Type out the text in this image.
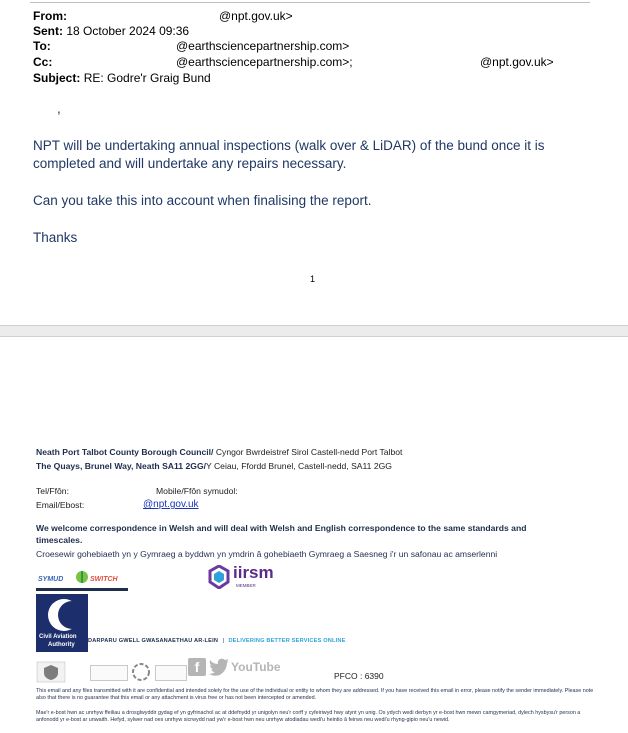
From:	@npt.gov.uk>
Sent: 18 October 2024 09:36
To:	@earthsciencepartnership.com>
Cc:	@earthsciencepartnership.com>;	@npt.gov.uk>
Subject: RE: Godre'r Graig Bund
,
NPT will be undertaking annual inspections (walk over & LiDAR) of the bund once it is
completed and will undertake any repairs necessary.
Can you take this into account when finalising the report.
Thanks
1
Neath Port Talbot County Borough Council/ Cyngor Bwrdeistref Sirol Castell-nedd Port Talbot
The Quays, Brunel Way, Neath SA11 2GG/Y Ceiau, Ffordd Brunel, Castell-nedd, SA11 2GG
Tel/Ffôn:	Mobile/Ffôn symudol:
Email/Ebost:	@npt.gov.uk
We welcome correspondence in Welsh and will deal with Welsh and English correspondence to the same standards and
timescales.
Croesewir gohebiaeth yn y Gymraeg a byddwn yn ymdrin â gohebiaeth Gymraeg a Saesneg i'r un safonau ac amserlenni
SYMUD	SWITCH	iirsm
MEMBER
Civil Aviation
Authority
DARPARU GWELL GWASANAETHAU AR-LEIN | DELIVERING BETTER SERVICES ONLINE
f	YouTube
PFCO : 6390
This email and any files transmitted with it are confidential and intended solely for the use of the individual or entity to whom they are addressed. If you have received this email in error, please notify the sender immediately. Please note also that there is no guarantee that this email or any attachment is virus free or has not been intercepted or amended.
Mae'r e-bost hwn ac unrhyw ffeiliau a drosglwyddir gydag ef yn gyfrinachol ac at ddefnydd yr unigolyn neu'r corff y cyfeiriwyd hwy atynt yn unig. Os ydych wedi derbyn yr e-bost hwn mewn camgymeriad, dylech hysbysu'r person a anfonodd yr e-bost ar unwaith. Hefyd, sylwer nad oes unrhyw sicrwydd nad yw'r e-bost hwn neu unrhyw atodiadau wedi'u heintio â feirws neu wedi'u rhyng-gipio neu'u newid.
